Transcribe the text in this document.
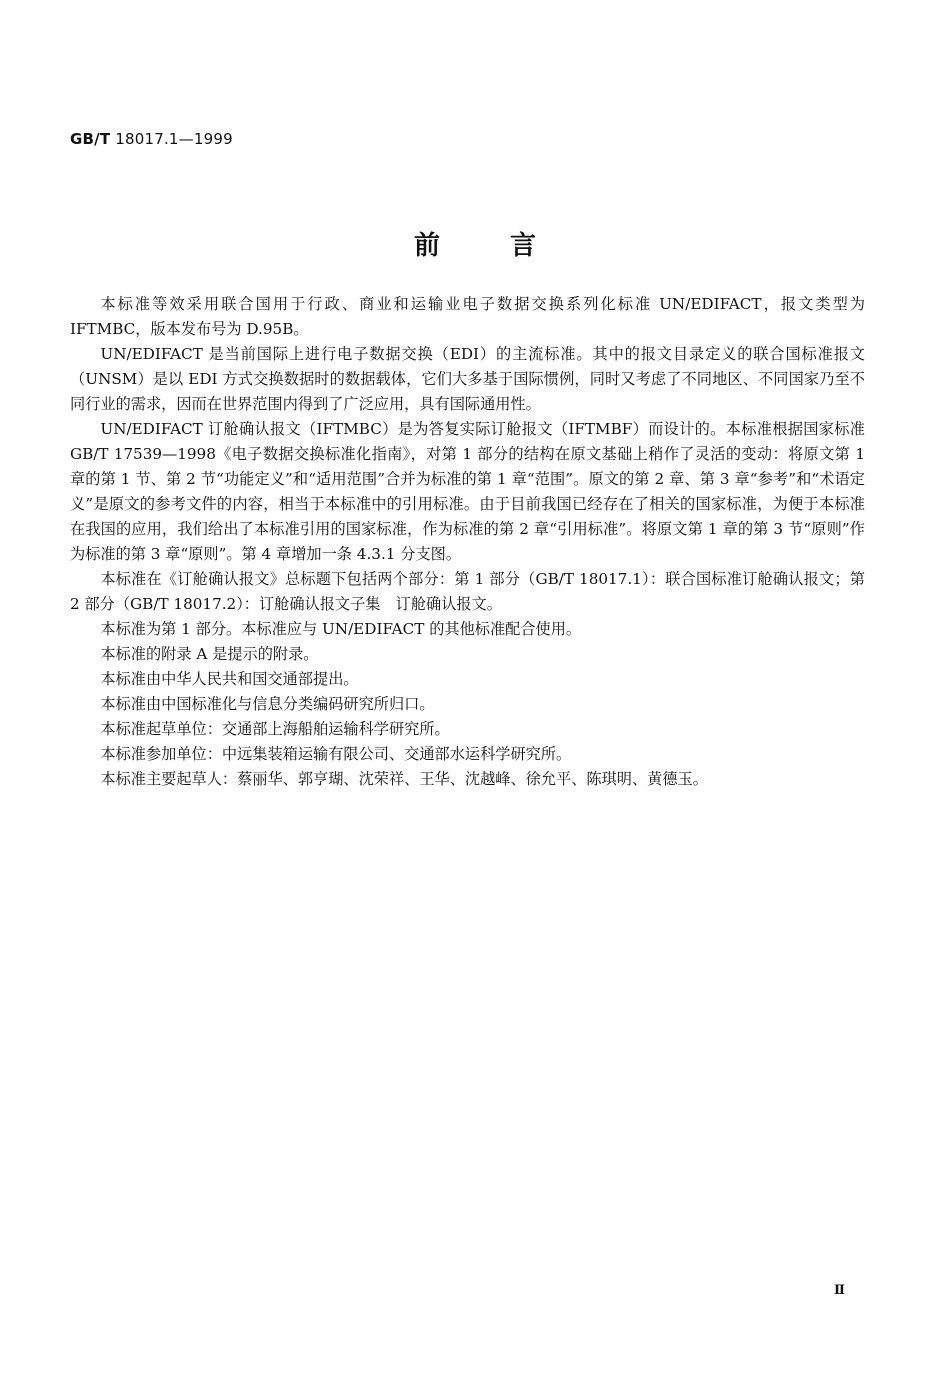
GB/T 18017.1—1999
前言

本标准等效采用联合国用于行政、商业和运输业电子数据交换系列化标准 UN/EDIFACT，报文类型为 IFTMBC，版本发布号为 D.95B。

UN/EDIFACT 是当前国际上进行电子数据交换（EDI）的主流标准。其中的报文目录定义的联合国标准报文（UNSM）是以 EDI 方式交换数据时的数据载体，它们大多基于国际惯例，同时又考虑了不同地区、不同国家乃至不同行业的需求，因而在世界范围内得到了广泛应用，具有国际通用性。

UN/EDIFACT 订舱确认报文（IFTMBC）是为答复实际订舱报文（IFTMBF）而设计的。本标准根据国家标准 GB/T 17539—1998《电子数据交换标准化指南》，对第 1 部分的结构在原文基础上稍作了灵活的变动：将原文第 1 章的第 1 节、第 2 节“功能定义”和“适用范围”合并为标准的第 1 章“范围”。原文的第 2 章、第 3 章“参考”和“术语定义”是原文的参考文件的内容，相当于本标准中的引用标准。由于目前我国已经存在了相关的国家标准，为便于本标准在我国的应用，我们给出了本标准引用的国家标准，作为标准的第 2 章“引用标准”。将原文第 1 章的第 3 节“原则”作为标准的第 3 章“原则”。第 4 章增加一条 4.3.1 分支图。

本标准在《订舱确认报文》总标题下包括两个部分：第 1 部分（GB/T 18017.1）：联合国标准订舱确认报文；第 2 部分（GB/T 18017.2）：订舱确认报文子集　订舱确认报文。

本标准为第 1 部分。本标准应与 UN/EDIFACT 的其他标准配合使用。

本标准的附录 A 是提示的附录。

本标准由中华人民共和国交通部提出。

本标准由中国标准化与信息分类编码研究所归口。

本标准起草单位：交通部上海船舶运输科学研究所。

本标准参加单位：中远集装箱运输有限公司、交通部水运科学研究所。

本标准主要起草人：蔡丽华、郭亨瑚、沈荣祥、王华、沈越峰、徐允平、陈琪明、黄德玉。

Ⅱ
